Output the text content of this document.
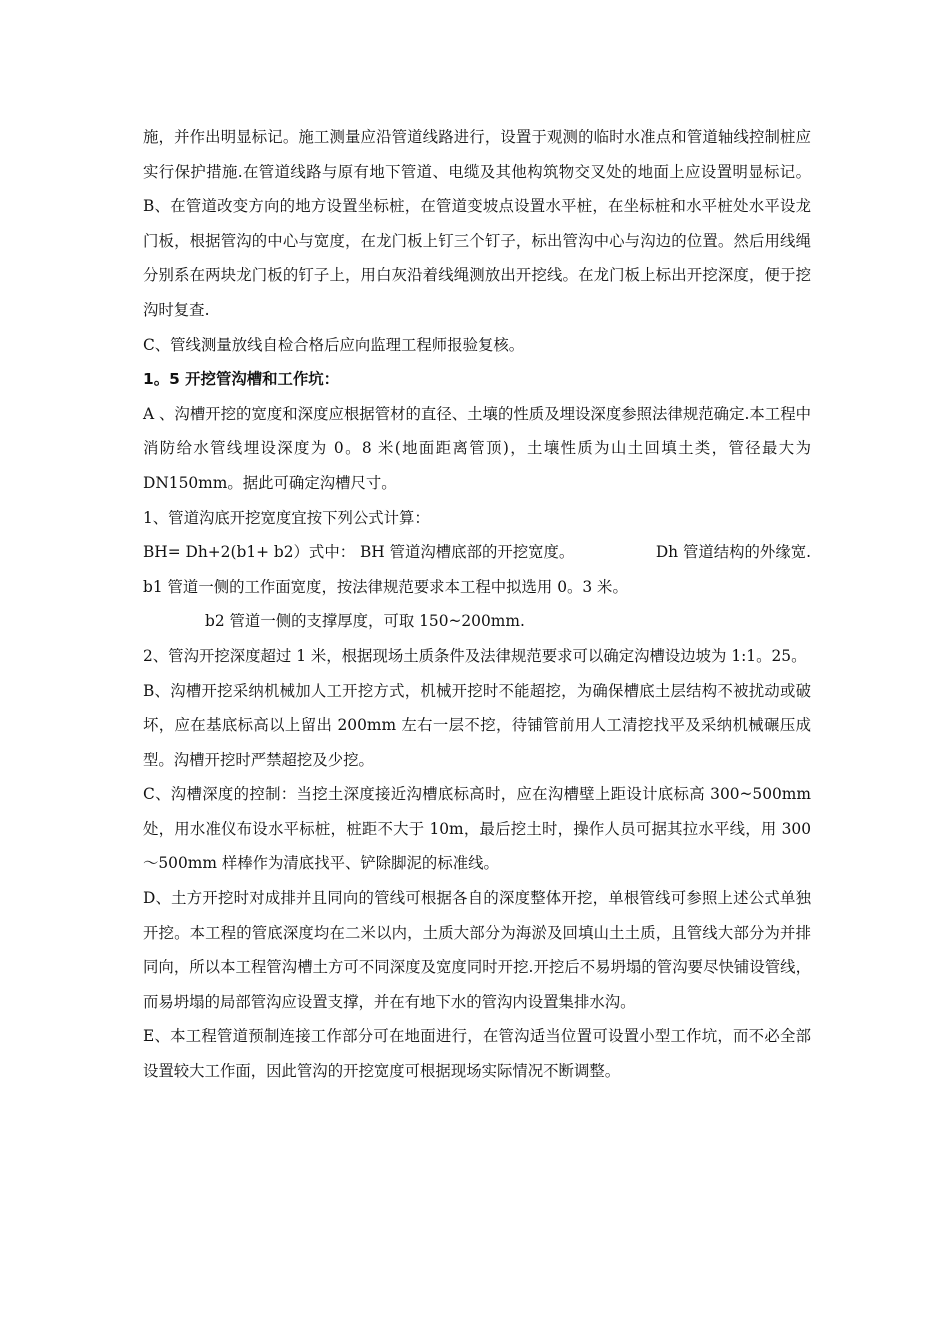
施，并作出明显标记。施工测量应沿管道线路进行，设置于观测的临时水准点和管道轴线控制桩应实行保护措施.在管道线路与原有地下管道、电缆及其他构筑物交叉处的地面上应设置明显标记。B、在管道改变方向的地方设置坐标桩，在管道变坡点设置水平桩，在坐标桩和水平桩处水平设龙门板，根据管沟的中心与宽度，在龙门板上钉三个钉子，标出管沟中心与沟边的位置。然后用线绳分别系在两块龙门板的钉子上，用白灰沿着线绳测放出开挖线。在龙门板上标出开挖深度，便于挖沟时复查.

C、管线测量放线自检合格后应向监理工程师报验复核。

1。5 开挖管沟槽和工作坑：

A 、沟槽开挖的宽度和深度应根据管材的直径、土壤的性质及埋设深度参照法律规范确定.本工程中消防给水管线埋设深度为 0。8 米(地面距离管顶)，土壤性质为山土回填土类，管径最大为 DN150mm。据此可确定沟槽尺寸。

1、管道沟底开挖宽度宜按下列公式计算：

BH= Dh+2(b1+ b2）式中： BH 管道沟槽底部的开挖宽度。	Dh 管道结构的外缘宽.

b1 管道一侧的工作面宽度，按法律规范要求本工程中拟选用 0。3 米。

b2 管道一侧的支撑厚度，可取 150~200mm.

2、管沟开挖深度超过 1 米，根据现场土质条件及法律规范要求可以确定沟槽设边坡为 1:1。25。

B、沟槽开挖采纳机械加人工开挖方式，机械开挖时不能超挖，为确保槽底土层结构不被扰动或破坏，应在基底标高以上留出 200mm 左右一层不挖，待铺管前用人工清挖找平及采纳机械碾压成型。沟槽开挖时严禁超挖及少挖。

C、沟槽深度的控制：当挖土深度接近沟槽底标高时，应在沟槽壁上距设计底标高 300~500mm 处，用水准仪布设水平标桩，桩距不大于 10m，最后挖土时，操作人员可据其拉水平线，用 300～500mm 样棒作为清底找平、铲除脚泥的标准线。

D、土方开挖时对成排并且同向的管线可根据各自的深度整体开挖，单根管线可参照上述公式单独开挖。本工程的管底深度均在二米以内，土质大部分为海淤及回填山土土质，且管线大部分为并排同向，所以本工程管沟槽土方可不同深度及宽度同时开挖.开挖后不易坍塌的管沟要尽快铺设管线，而易坍塌的局部管沟应设置支撑，并在有地下水的管沟内设置集排水沟。

E、本工程管道预制连接工作部分可在地面进行，在管沟适当位置可设置小型工作坑，而不必全部设置较大工作面，因此管沟的开挖宽度可根据现场实际情况不断调整。
